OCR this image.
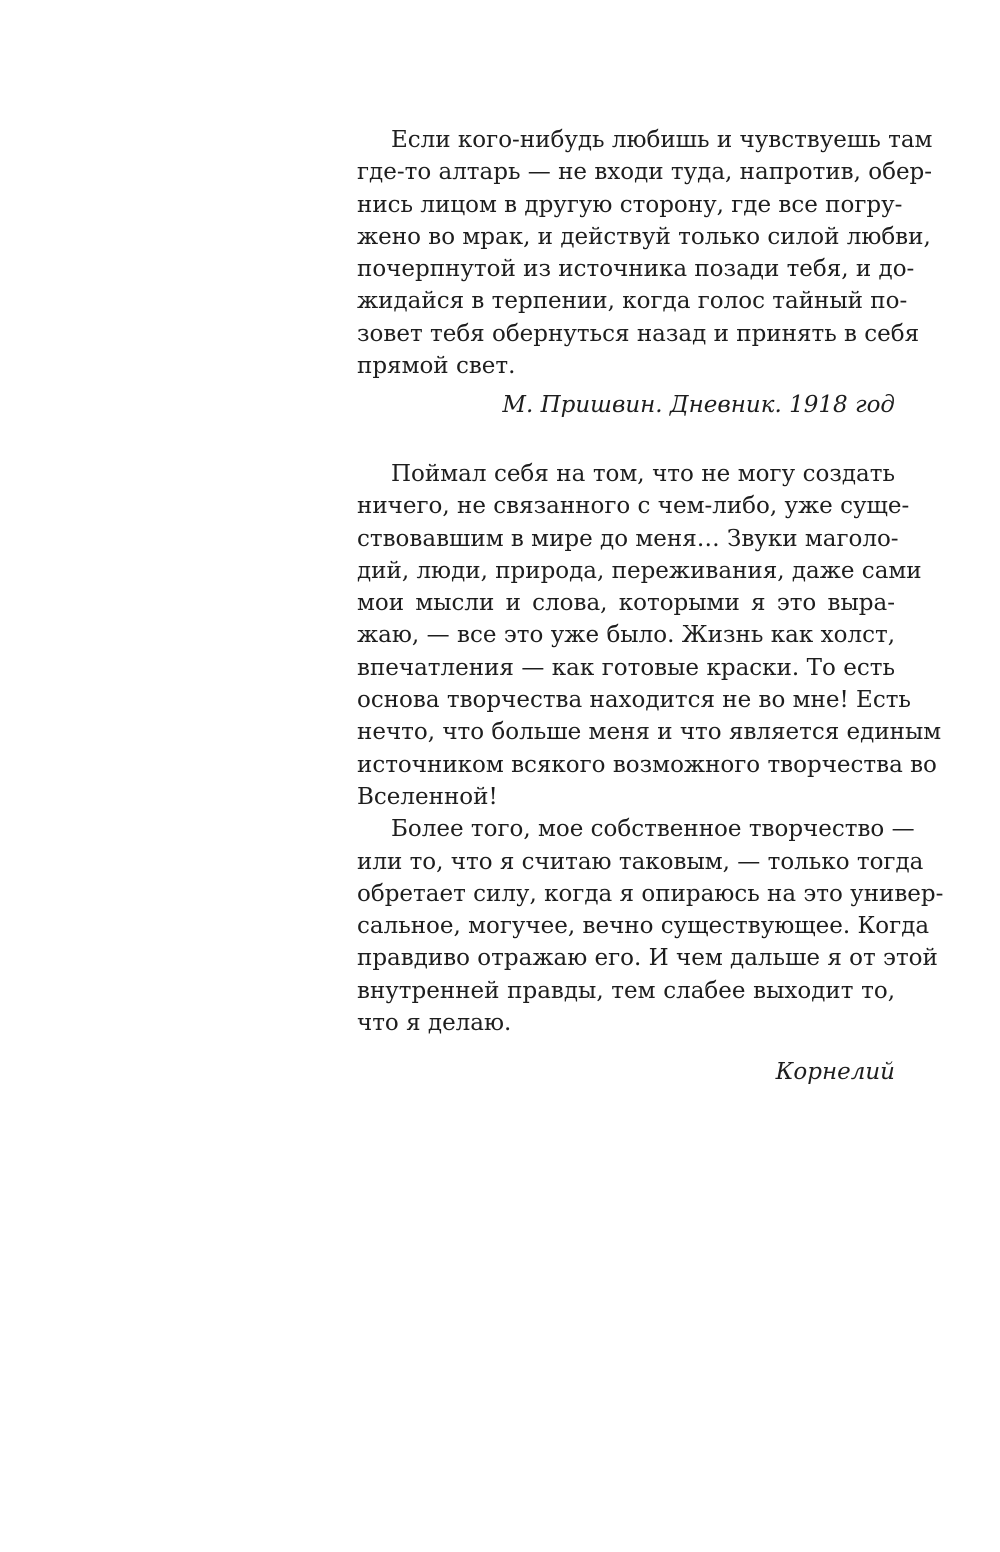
Если кого-нибудь любишь и чувствуешь там
где-то алтарь — не входи туда, напротив, обер-
нись лицом в другую сторону, где все погру-
жено во мрак, и действуй только силой любви,
почерпнутой из источника позади тебя, и до-
жидайся в терпении, когда голос тайный по-
зовет тебя обернуться назад и принять в себя
прямой свет.
М. Пришвин. Дневник. 1918 год
Поймал себя на том, что не могу создать
ничего, не связанного с чем-либо, уже суще-
ствовавшим в мире до меня… Звуки маголо-
дий, люди, природа, переживания, даже сами
мои мысли и слова, которыми я это выра-
жаю, — все это уже было. Жизнь как холст,
впечатления — как готовые краски. То есть
основа творчества находится не во мне! Есть
нечто, что больше меня и что является единым
источником всякого возможного творчества во
Вселенной!
Более того, мое собственное творчество —
или то, что я считаю таковым, — только тогда
обретает силу, когда я опираюсь на это универ-
сальное, могучее, вечно существующее. Когда
правдиво отражаю его. И чем дальше я от этой
внутренней правды, тем слабее выходит то,
что я делаю.
Корнелий
